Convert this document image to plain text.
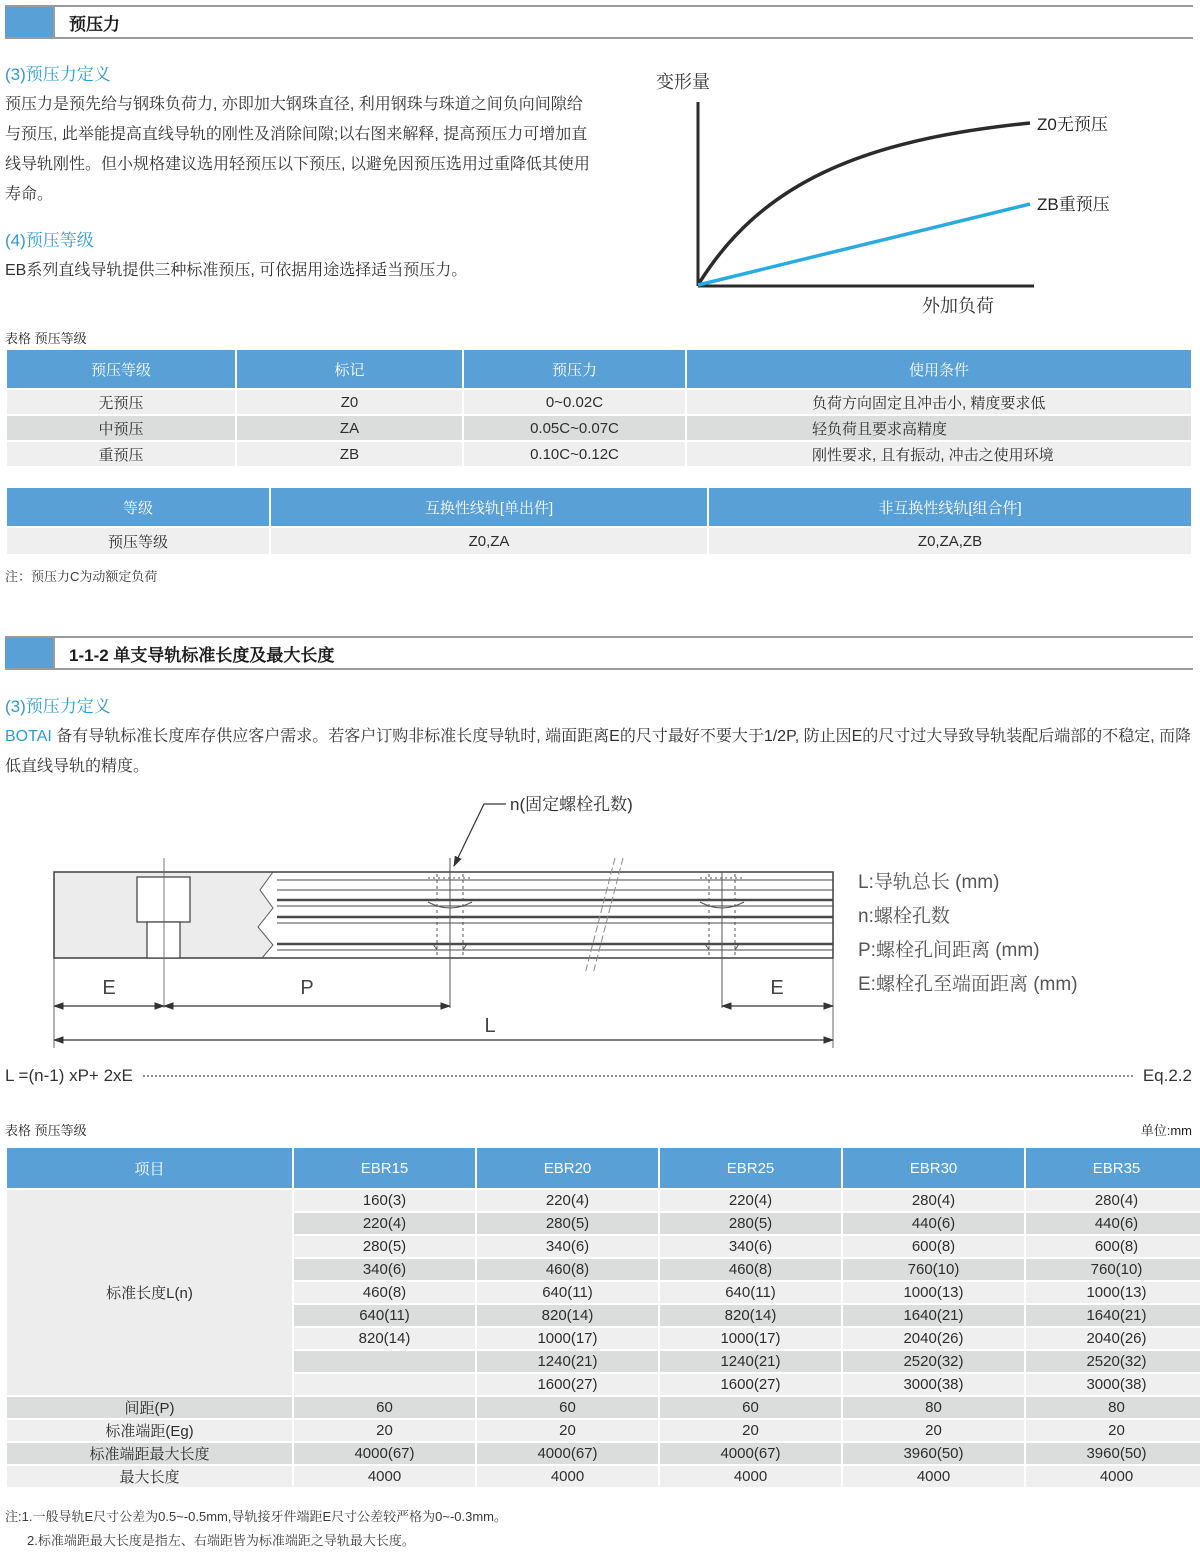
预压力
(3)预压力定义
预压力是预先给与钢珠负荷力, 亦即加大钢珠直径, 利用钢珠与珠道之间负向间隙给与预压, 此举能提高直线导轨的刚性及消除间隙;以右图来解释, 提高预压力可增加直线导轨刚性。但小规格建议选用轻预压以下预压, 以避免因预压选用过重降低其使用寿命。
(4)预压等级
EB系列直线导轨提供三种标准预压, 可依据用途选择适当预压力。
变形量
Z0无预压
ZB重预压
外加负荷
表格 预压等级
预压等级	标记	预压力	使用条件
无预压	Z0	0~0.02C	负荷方向固定且冲击小, 精度要求低
中预压	ZA	0.05C~0.07C	轻负荷且要求高精度
重预压	ZB	0.10C~0.12C	刚性要求, 且有振动, 冲击之使用环境
等级	互换性线轨[单出件]	非互换性线轨[组合件]
预压等级	Z0,ZA	Z0,ZA,ZB
注：预压力C为动额定负荷
1-1-2 单支导轨标准长度及最大长度
(3)预压力定义
BOTAI 备有导轨标准长度库存供应客户需求。若客户订购非标准长度导轨时, 端面距离E的尺寸最好不要大于1/2P, 防止因E的尺寸过大导致导轨装配后端部的不稳定, 而降低直线导轨的精度。
n(固定螺栓孔数)
E	P	E
L
L:导轨总长 (mm)
n:螺栓孔数
P:螺栓孔间距离 (mm)
E:螺栓孔至端面距离 (mm)
L =(n-1) xP+ 2xE	Eq.2.2
表格 预压等级	单位:mm
项目	EBR15	EBR20	EBR25	EBR30	EBR35
标准长度L(n)	160(3)	220(4)	220(4)	280(4)	280(4)
	220(4)	280(5)	280(5)	440(6)	440(6)
	280(5)	340(6)	340(6)	600(8)	600(8)
	340(6)	460(8)	460(8)	760(10)	760(10)
	460(8)	640(11)	640(11)	1000(13)	1000(13)
	640(11)	820(14)	820(14)	1640(21)	1640(21)
	820(14)	1000(17)	1000(17)	2040(26)	2040(26)
		1240(21)	1240(21)	2520(32)	2520(32)
		1600(27)	1600(27)	3000(38)	3000(38)
间距(P)	60	60	60	80	80
标准端距(Eg)	20	20	20	20	20
标准端距最大长度	4000(67)	4000(67)	4000(67)	3960(50)	3960(50)
最大长度	4000	4000	4000	4000	4000
注:1.一般导轨E尺寸公差为0.5~-0.5mm,导轨接牙件端距E尺寸公差较严格为0~-0.3mm。
2.标准端距最大长度是指左、右端距皆为标准端距之导轨最大长度。
